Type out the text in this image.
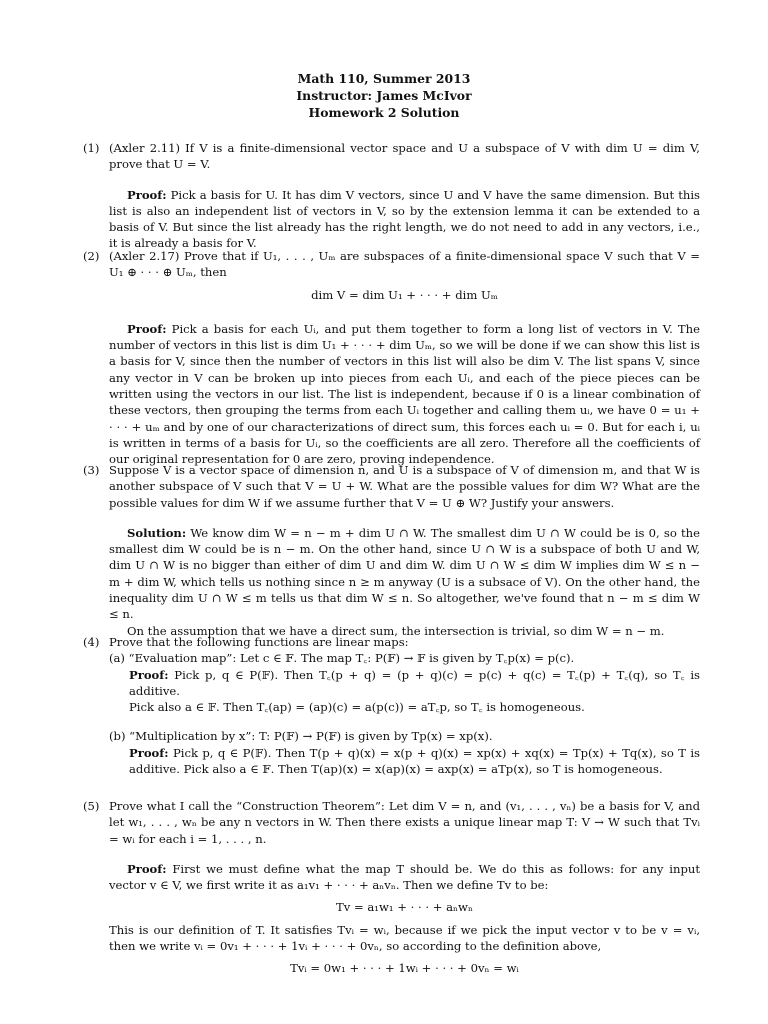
Math 110, Summer 2013
Instructor: James McIvor
Homework 2 Solution
(1) (Axler 2.11) If V is a finite-dimensional vector space and U a subspace of V with dim U = dim V, prove that U = V.
Proof: Pick a basis for U. It has dim V vectors, since U and V have the same dimension. But this list is also an independent list of vectors in V, so by the extension lemma it can be extended to a basis of V. But since the list already has the right length, we do not need to add in any vectors, i.e., it is already a basis for V.
(2) (Axler 2.17) Prove that if U₁, . . . , Uₘ are subspaces of a finite-dimensional space V such that V = U₁ ⊕ · · · ⊕ Uₘ, then
dim V = dim U₁ + · · · + dim Uₘ
Proof: Pick a basis for each Uᵢ, and put them together to form a long list of vectors in V. The number of vectors in this list is dim U₁ + · · · + dim Uₘ, so we will be done if we can show this list is a basis for V, since then the number of vectors in this list will also be dim V. The list spans V, since any vector in V can be broken up into pieces from each Uᵢ, and each of the piece pieces can be written using the vectors in our list. The list is independent, because if 0 is a linear combination of these vectors, then grouping the terms from each Uᵢ together and calling them uᵢ, we have 0 = u₁ + · · · + uₘ and by one of our characterizations of direct sum, this forces each uᵢ = 0. But for each i, uᵢ is written in terms of a basis for Uᵢ, so the coefficients are all zero. Therefore all the coefficients of our original representation for 0 are zero, proving independence.
(3) Suppose V is a vector space of dimension n, and U is a subspace of V of dimension m, and that W is another subspace of V such that V = U + W. What are the possible values for dim W? What are the possible values for dim W if we assume further that V = U ⊕ W? Justify your answers.
Solution: We know dim W = n − m + dim U ∩ W. The smallest dim U ∩ W could be is 0, so the smallest dim W could be is n − m. On the other hand, since U ∩ W is a subspace of both U and W, dim U ∩ W is no bigger than either of dim U and dim W. dim U ∩ W ≤ dim W implies dim W ≤ n − m + dim W, which tells us nothing since n ≥ m anyway (U is a subsace of V). On the other hand, the inequality dim U ∩ W ≤ m tells us that dim W ≤ n. So altogether, we've found that n − m ≤ dim W ≤ n.
On the assumption that we have a direct sum, the intersection is trivial, so dim W = n − m.
(4) Prove that the following functions are linear maps:
(a) “Evaluation map”: Let c ∈ 𝔽. The map T꜀: P(𝔽) → 𝔽 is given by T꜀p(x) = p(c).
Proof: Pick p, q ∈ P(𝔽). Then T꜀(p + q) = (p + q)(c) = p(c) + q(c) = T꜀(p) + T꜀(q), so T꜀ is additive.
Pick also a ∈ 𝔽. Then T꜀(ap) = (ap)(c) = a(p(c)) = aT꜀p, so T꜀ is homogeneous.
(b) “Multiplication by x”: T: P(𝔽) → P(𝔽) is given by Tp(x) = xp(x).
Proof: Pick p, q ∈ P(𝔽). Then T(p + q)(x) = x(p + q)(x) = xp(x) + xq(x) = Tp(x) + Tq(x), so T is additive. Pick also a ∈ 𝔽. Then T(ap)(x) = x(ap)(x) = axp(x) = aTp(x), so T is homogeneous.
(5) Prove what I call the “Construction Theorem”: Let dim V = n, and (v₁, . . . , vₙ) be a basis for V, and let w₁, . . . , wₙ be any n vectors in W. Then there exists a unique linear map T: V → W such that Tvᵢ = wᵢ for each i = 1, . . . , n.
Proof: First we must define what the map T should be. We do this as follows: for any input vector v ∈ V, we first write it as a₁v₁ + · · · + aₙvₙ. Then we define Tv to be:
Tv = a₁w₁ + · · · + aₙwₙ
This is our definition of T. It satisfies Tvᵢ = wᵢ, because if we pick the input vector v to be v = vᵢ, then we write vᵢ = 0v₁ + · · · + 1vᵢ + · · · + 0vₙ, so according to the definition above,
Tvᵢ = 0w₁ + · · · + 1wᵢ + · · · + 0vₙ = wᵢ
